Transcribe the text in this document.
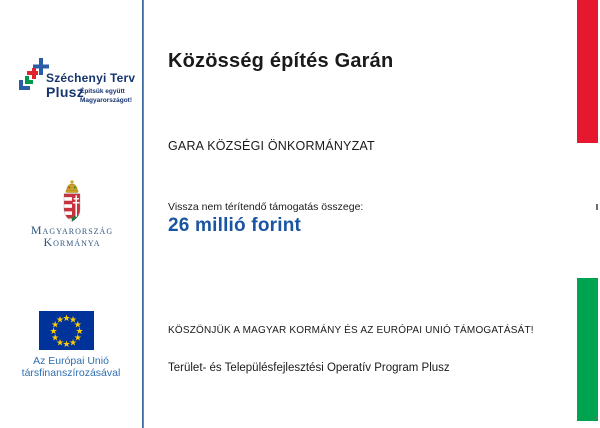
Széchenyi Terv
Plusz
Építsük együtt
Magyarországot!
Magyarország
Kormánya
★
★
★
★
★
★
★
★
★
★
★
★
Az Európai Unió
társfinanszírozásával
Közösség építés Garán
GARA KÖZSÉGI ÖNKORMÁNYZAT
Vissza nem térítendő támogatás összege:
26 millió forint
KÖSZÖNJÜK A MAGYAR KORMÁNY ÉS AZ EURÓPAI UNIÓ TÁMOGATÁSÁT!
Terület- és Településfejlesztési Operatív Program Plusz
